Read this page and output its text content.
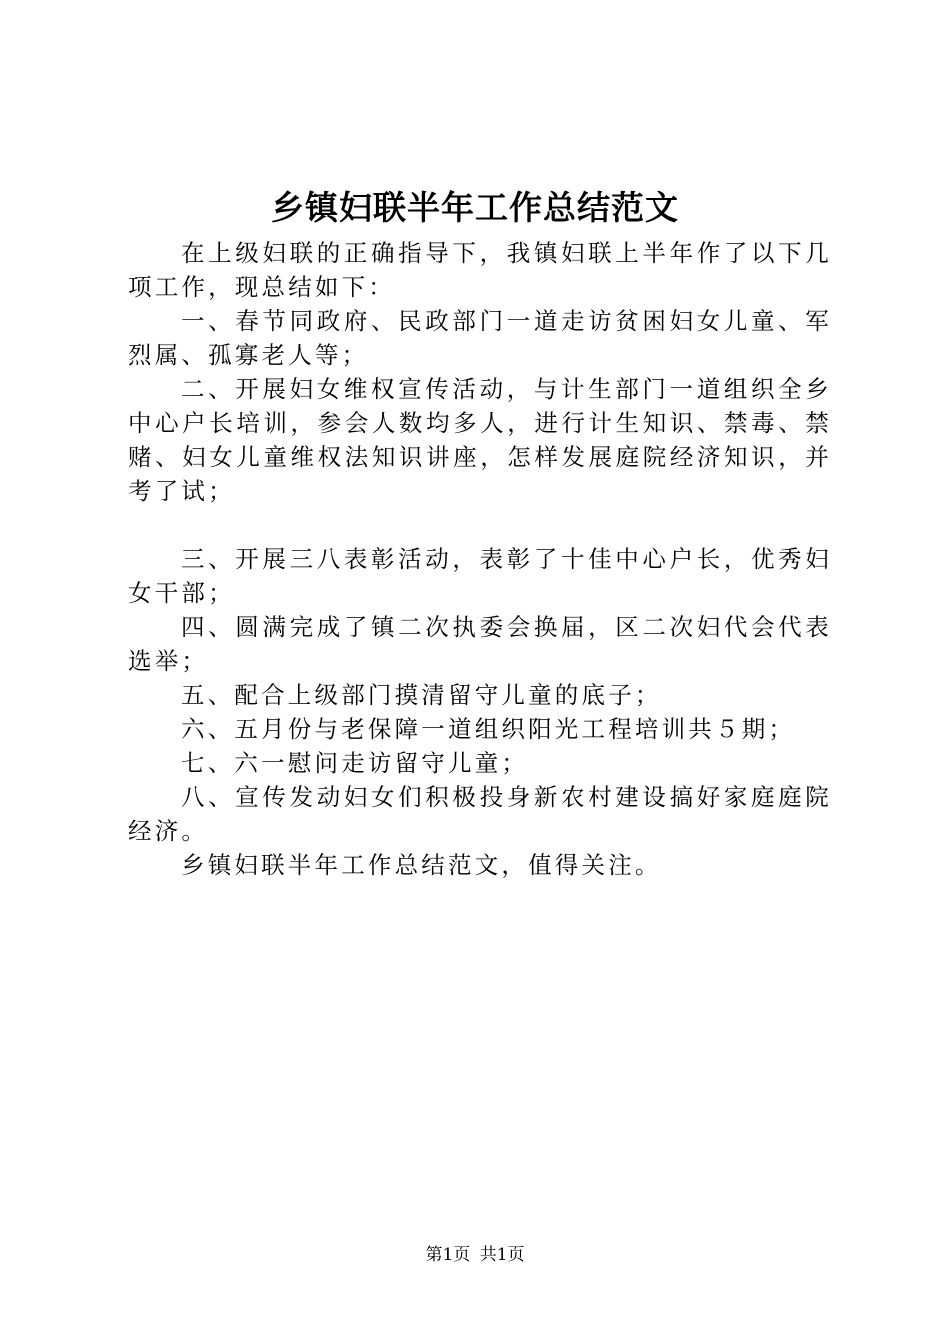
乡镇妇联半年工作总结范文

在上级妇联的正确指导下，我镇妇联上半年作了以下几项工作，现总结如下：

一、春节同政府、民政部门一道走访贫困妇女儿童、军烈属、孤寡老人等；

二、开展妇女维权宣传活动，与计生部门一道组织全乡中心户长培训，参会人数均多人，进行计生知识、禁毒、禁赌、妇女儿童维权法知识讲座，怎样发展庭院经济知识，并考了试；

三、开展三八表彰活动，表彰了十佳中心户长，优秀妇女干部；

四、圆满完成了镇二次执委会换届，区二次妇代会代表选举；

五、配合上级部门摸清留守儿童的底子；

六、五月份与老保障一道组织阳光工程培训共５期；

七、六一慰问走访留守儿童；

八、宣传发动妇女们积极投身新农村建设搞好家庭庭院经济。

乡镇妇联半年工作总结范文，值得关注。

第1页 共1页
